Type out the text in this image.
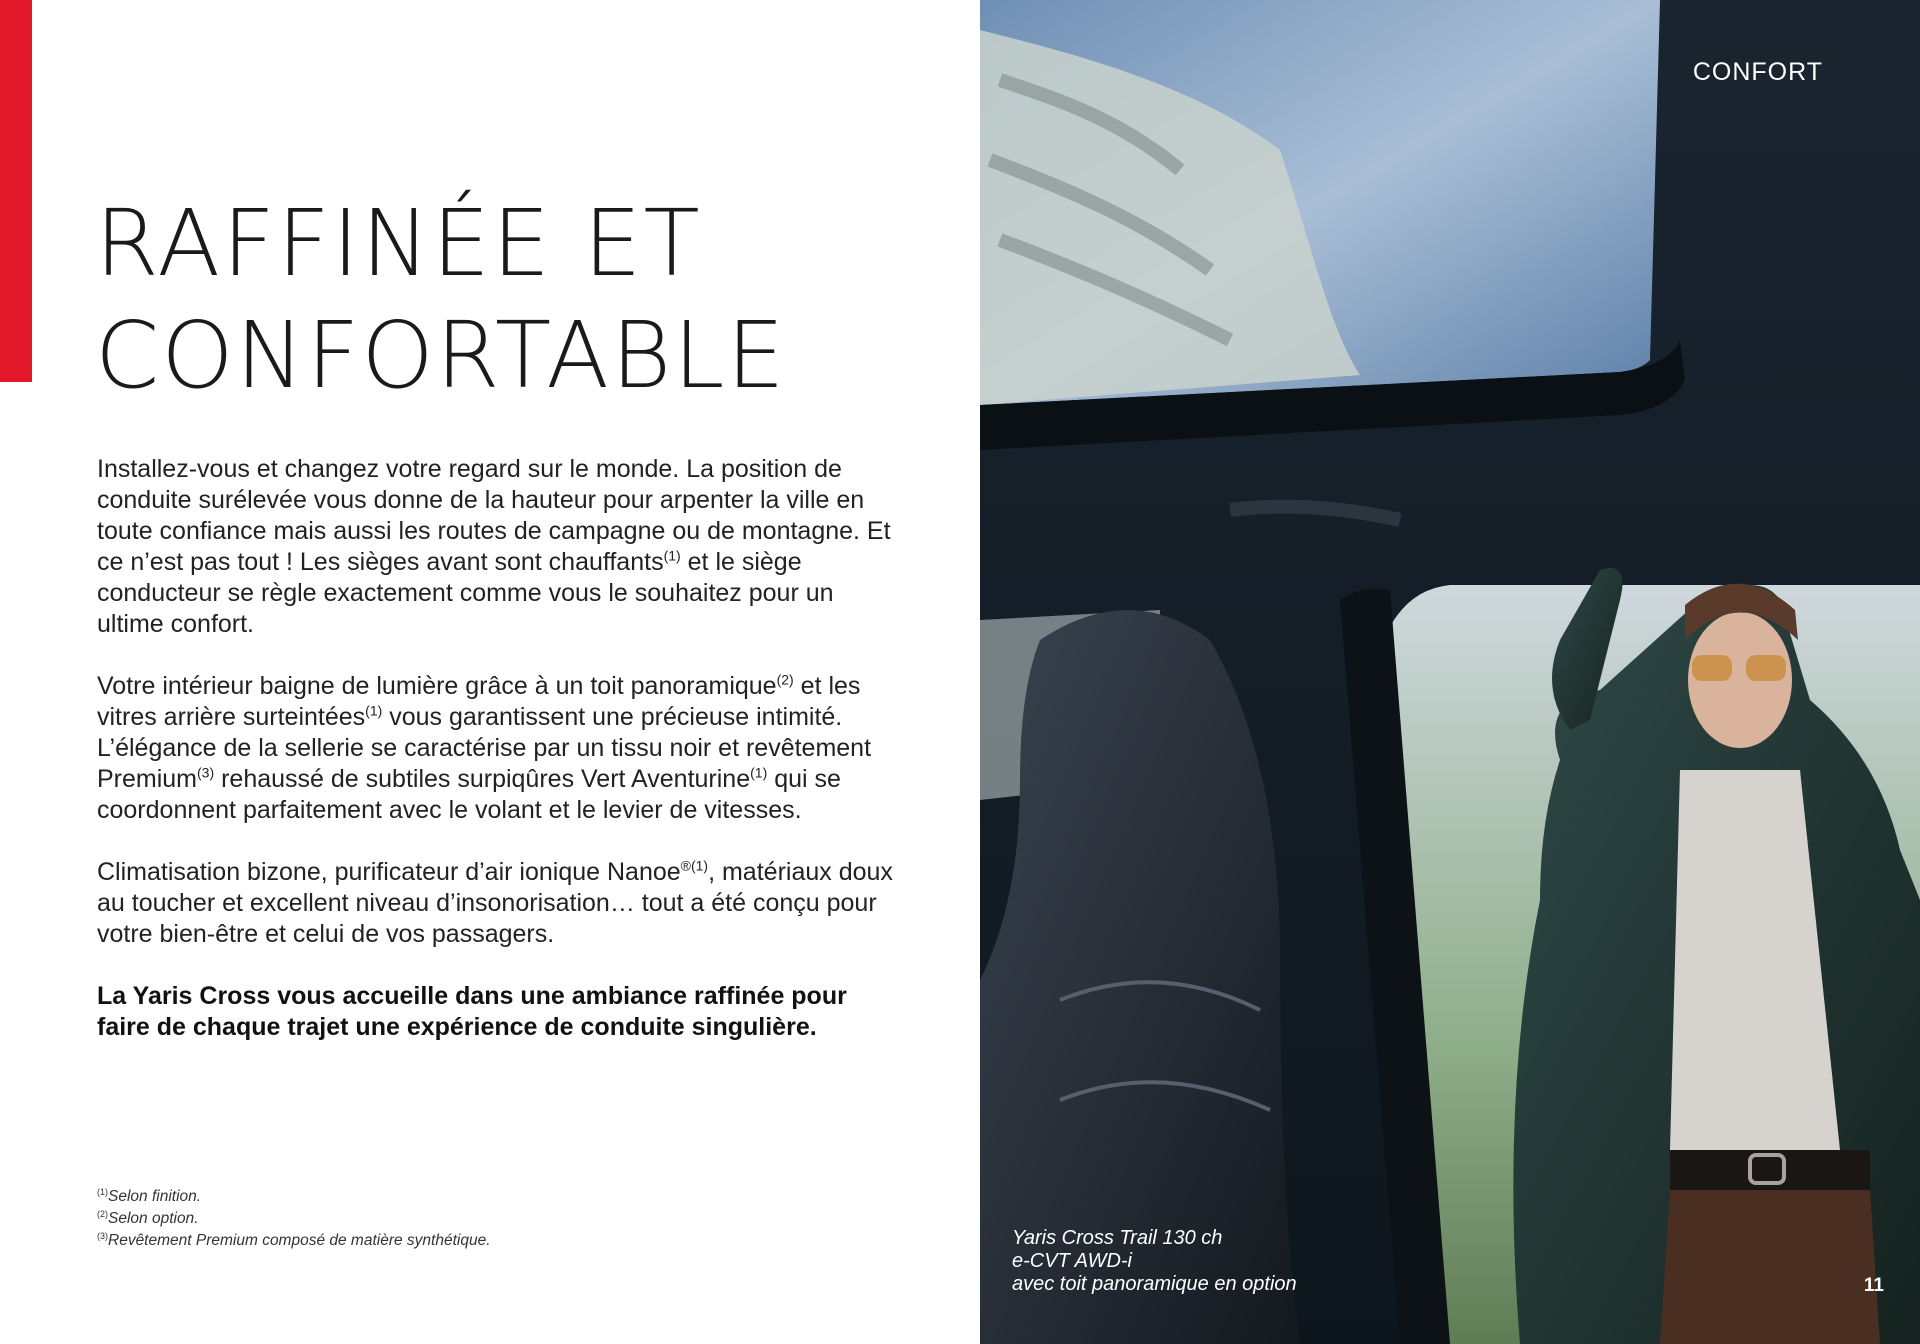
RAFFINÉE ET
CONFORTABLE

Installez-vous et changez votre regard sur le monde. La position de conduite surélevée vous donne de la hauteur pour arpenter la ville en toute confiance mais aussi les routes de campagne ou de montagne. Et ce n’est pas tout ! Les sièges avant sont chauffants$^{(1)}$ et le siège conducteur se règle exactement comme vous le souhaitez pour un ultime confort.

Votre intérieur baigne de lumière grâce à un toit panoramique$^{(2)}$ et les vitres arrière surteintées$^{(1)}$ vous garantissent une précieuse intimité. L’élégance de la sellerie se caractérise par un tissu noir et revêtement Premium$^{(3)}$ rehaussé de subtiles surpiqûres Vert Aventurine$^{(1)}$ qui se coordonnent parfaitement avec le volant et le levier de vitesses.

Climatisation bizone, purificateur d’air ionique Nanoe$^{®(1)}$, matériaux doux au toucher et excellent niveau d’insonorisation… tout a été conçu pour votre bien-être et celui de vos passagers.

La Yaris Cross vous accueille dans une ambiance raffinée pour faire de chaque trajet une expérience de conduite singulière.

$^{(1)}$Selon finition.
$^{(2)}$Selon option.
$^{(3)}$Revêtement Premium composé de matière synthétique.
CONFORT
Yaris Cross Trail 130 ch
e-CVT AWD-i
avec toit panoramique en option	11
